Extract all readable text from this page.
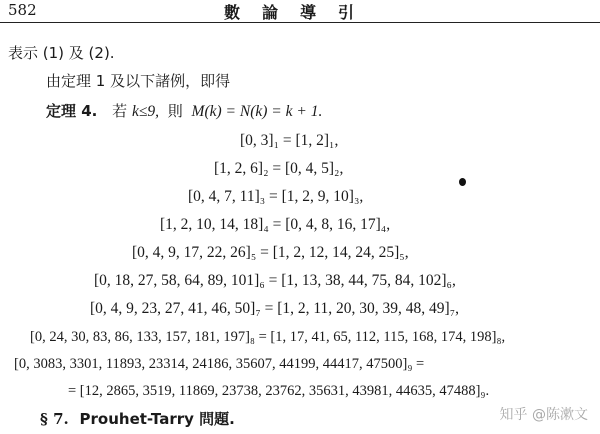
582	數論導引
表示 (1) 及 (2).
由定理 1 及以下諸例，即得
定理 4. 若 k≤9, 則 M(k) = N(k) = k + 1.
[0, 3]₁ = [1, 2]₁,
[1, 2, 6]₂ = [0, 4, 5]₂,
[0, 4, 7, 11]₃ = [1, 2, 9, 10]₃,
[1, 2, 10, 14, 18]₄ = [0, 4, 8, 16, 17]₄,
[0, 4, 9, 17, 22, 26]₅ = [1, 2, 12, 14, 24, 25]₅,
[0, 18, 27, 58, 64, 89, 101]₆ = [1, 13, 38, 44, 75, 84, 102]₆,
[0, 4, 9, 23, 27, 41, 46, 50]₇ = [1, 2, 11, 20, 30, 39, 48, 49]₇,
[0, 24, 30, 83, 86, 133, 157, 181, 197]₈ = [1, 17, 41, 65, 112, 115, 168, 174, 198]₈,
[0, 3083, 3301, 11893, 23314, 24186, 35607, 44199, 44417, 47500]₉ =
= [12, 2865, 3519, 11869, 23738, 23762, 35631, 43981, 44635, 47488]₉.
§ 7. Prouhet-Tarry 問題.	知乎 @陈漱文
